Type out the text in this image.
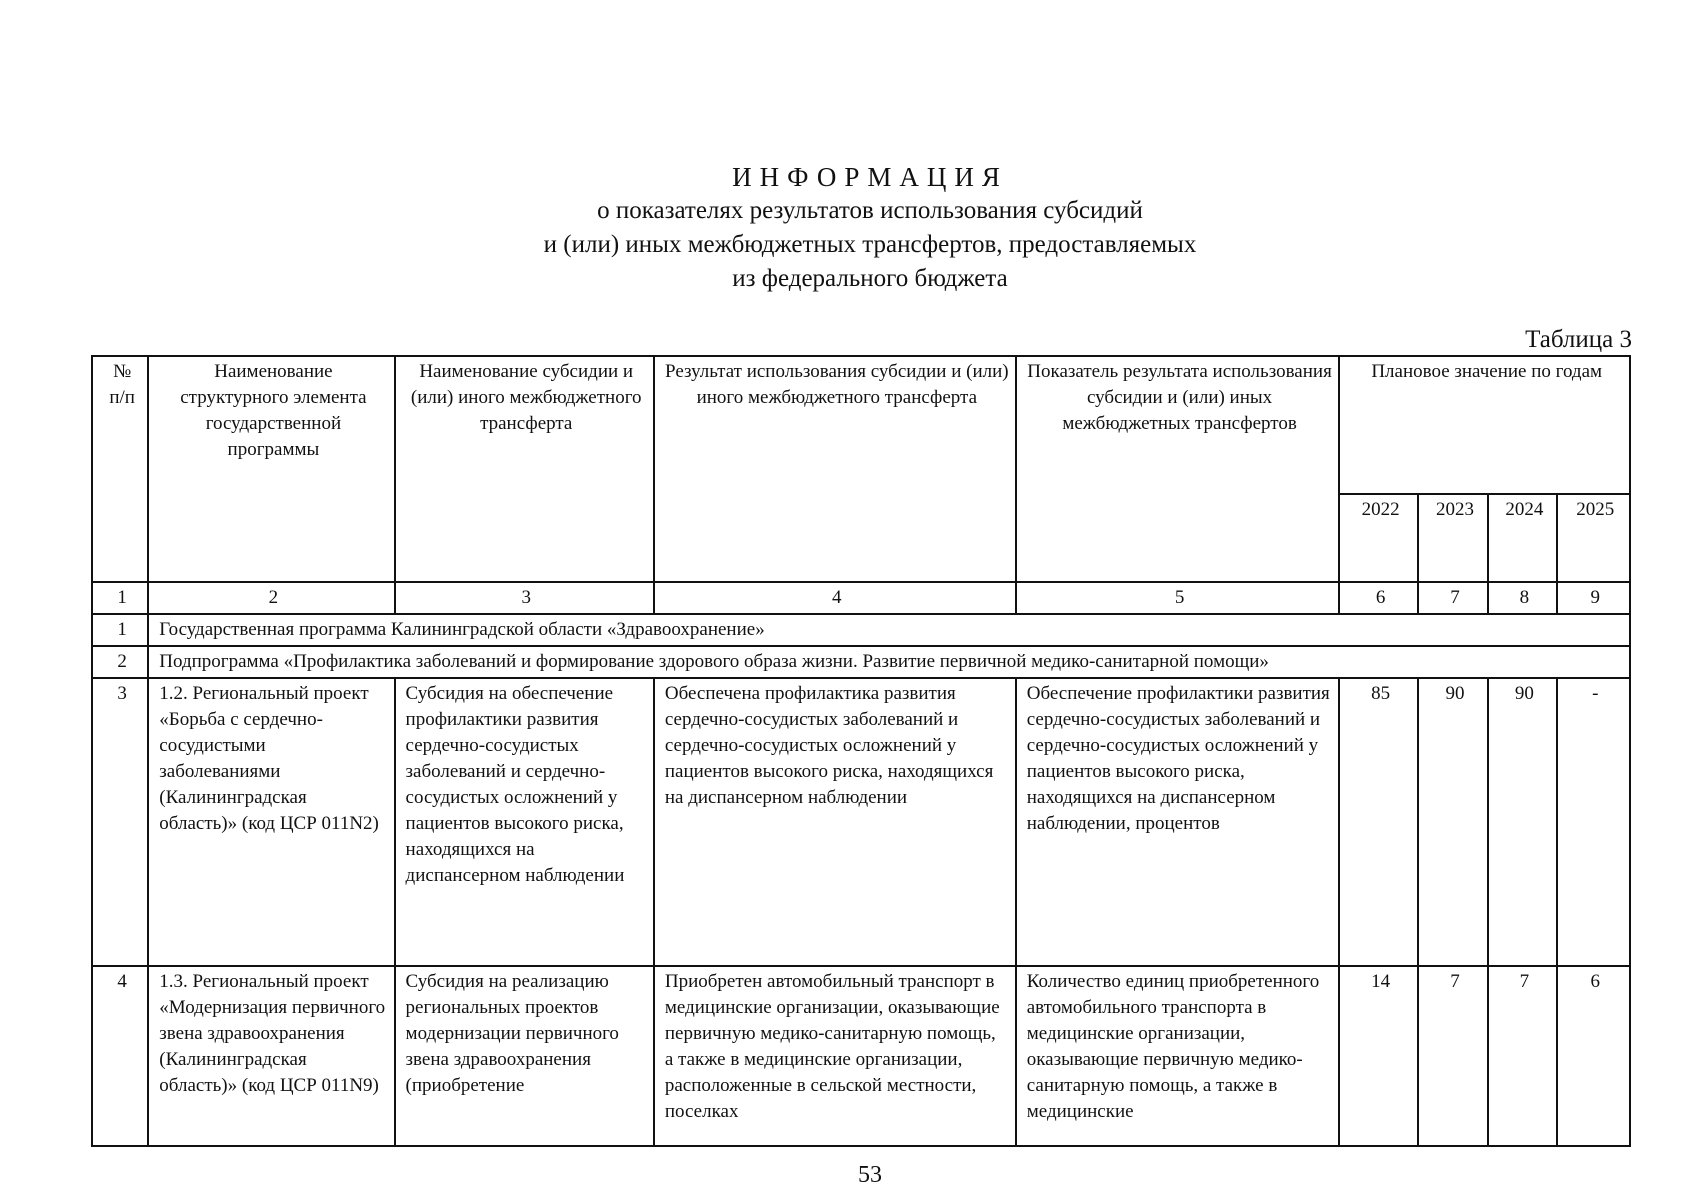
ИНФОРМАЦИЯ
о показателях результатов использования субсидий
и (или) иных межбюджетных трансфертов, предоставляемых
из федерального бюджета
Таблица 3
№ п/п	Наименование структурного элемента государственной программы	Наименование субсидии и (или) иного межбюджетного трансферта	Результат использования субсидии и (или) иного межбюджетного трансферта	Показатель результата использования субсидии и (или) иных межбюджетных трансфертов	Плановое значение по годам			
					2022	2023	2024	2025
1	2	3	4	5	6	7	8	9
1	Государственная программа Калининградской области «Здравоохранение»							
2	Подпрограмма «Профилактика заболеваний и формирование здорового образа жизни. Развитие первичной медико-санитарной помощи»							
3	1.2. Региональный проект «Борьба с сердечно-сосудистыми заболеваниями (Калининградская область)» (код ЦСР 011N2)	Субсидия на обеспечение профилактики развития сердечно-сосудистых заболеваний и сердечно-сосудистых осложнений у пациентов высокого риска, находящихся на диспансерном наблюдении	Обеспечена профилактика развития сердечно-сосудистых заболеваний и сердечно-сосудистых осложнений у пациентов высокого риска, находящихся на диспансерном наблюдении	Обеспечение профилактики развития сердечно-сосудистых заболеваний и сердечно-сосудистых осложнений у пациентов высокого риска, находящихся на диспансерном наблюдении, процентов	85	90	90	-
4	1.3. Региональный проект «Модернизация первичного звена здравоохранения (Калининградская область)» (код ЦСР 011N9)	Субсидия на реализацию региональных проектов модернизации первичного звена здравоохранения (приобретение	Приобретен автомобильный транспорт в медицинские организации, оказывающие первичную медико-санитарную помощь, а также в медицинские организации, расположенные в сельской местности, поселках	Количество единиц приобретенного автомобильного транспорта в медицинские организации, оказывающие первичную медико-санитарную помощь, а также в медицинские	14	7	7	6
53
